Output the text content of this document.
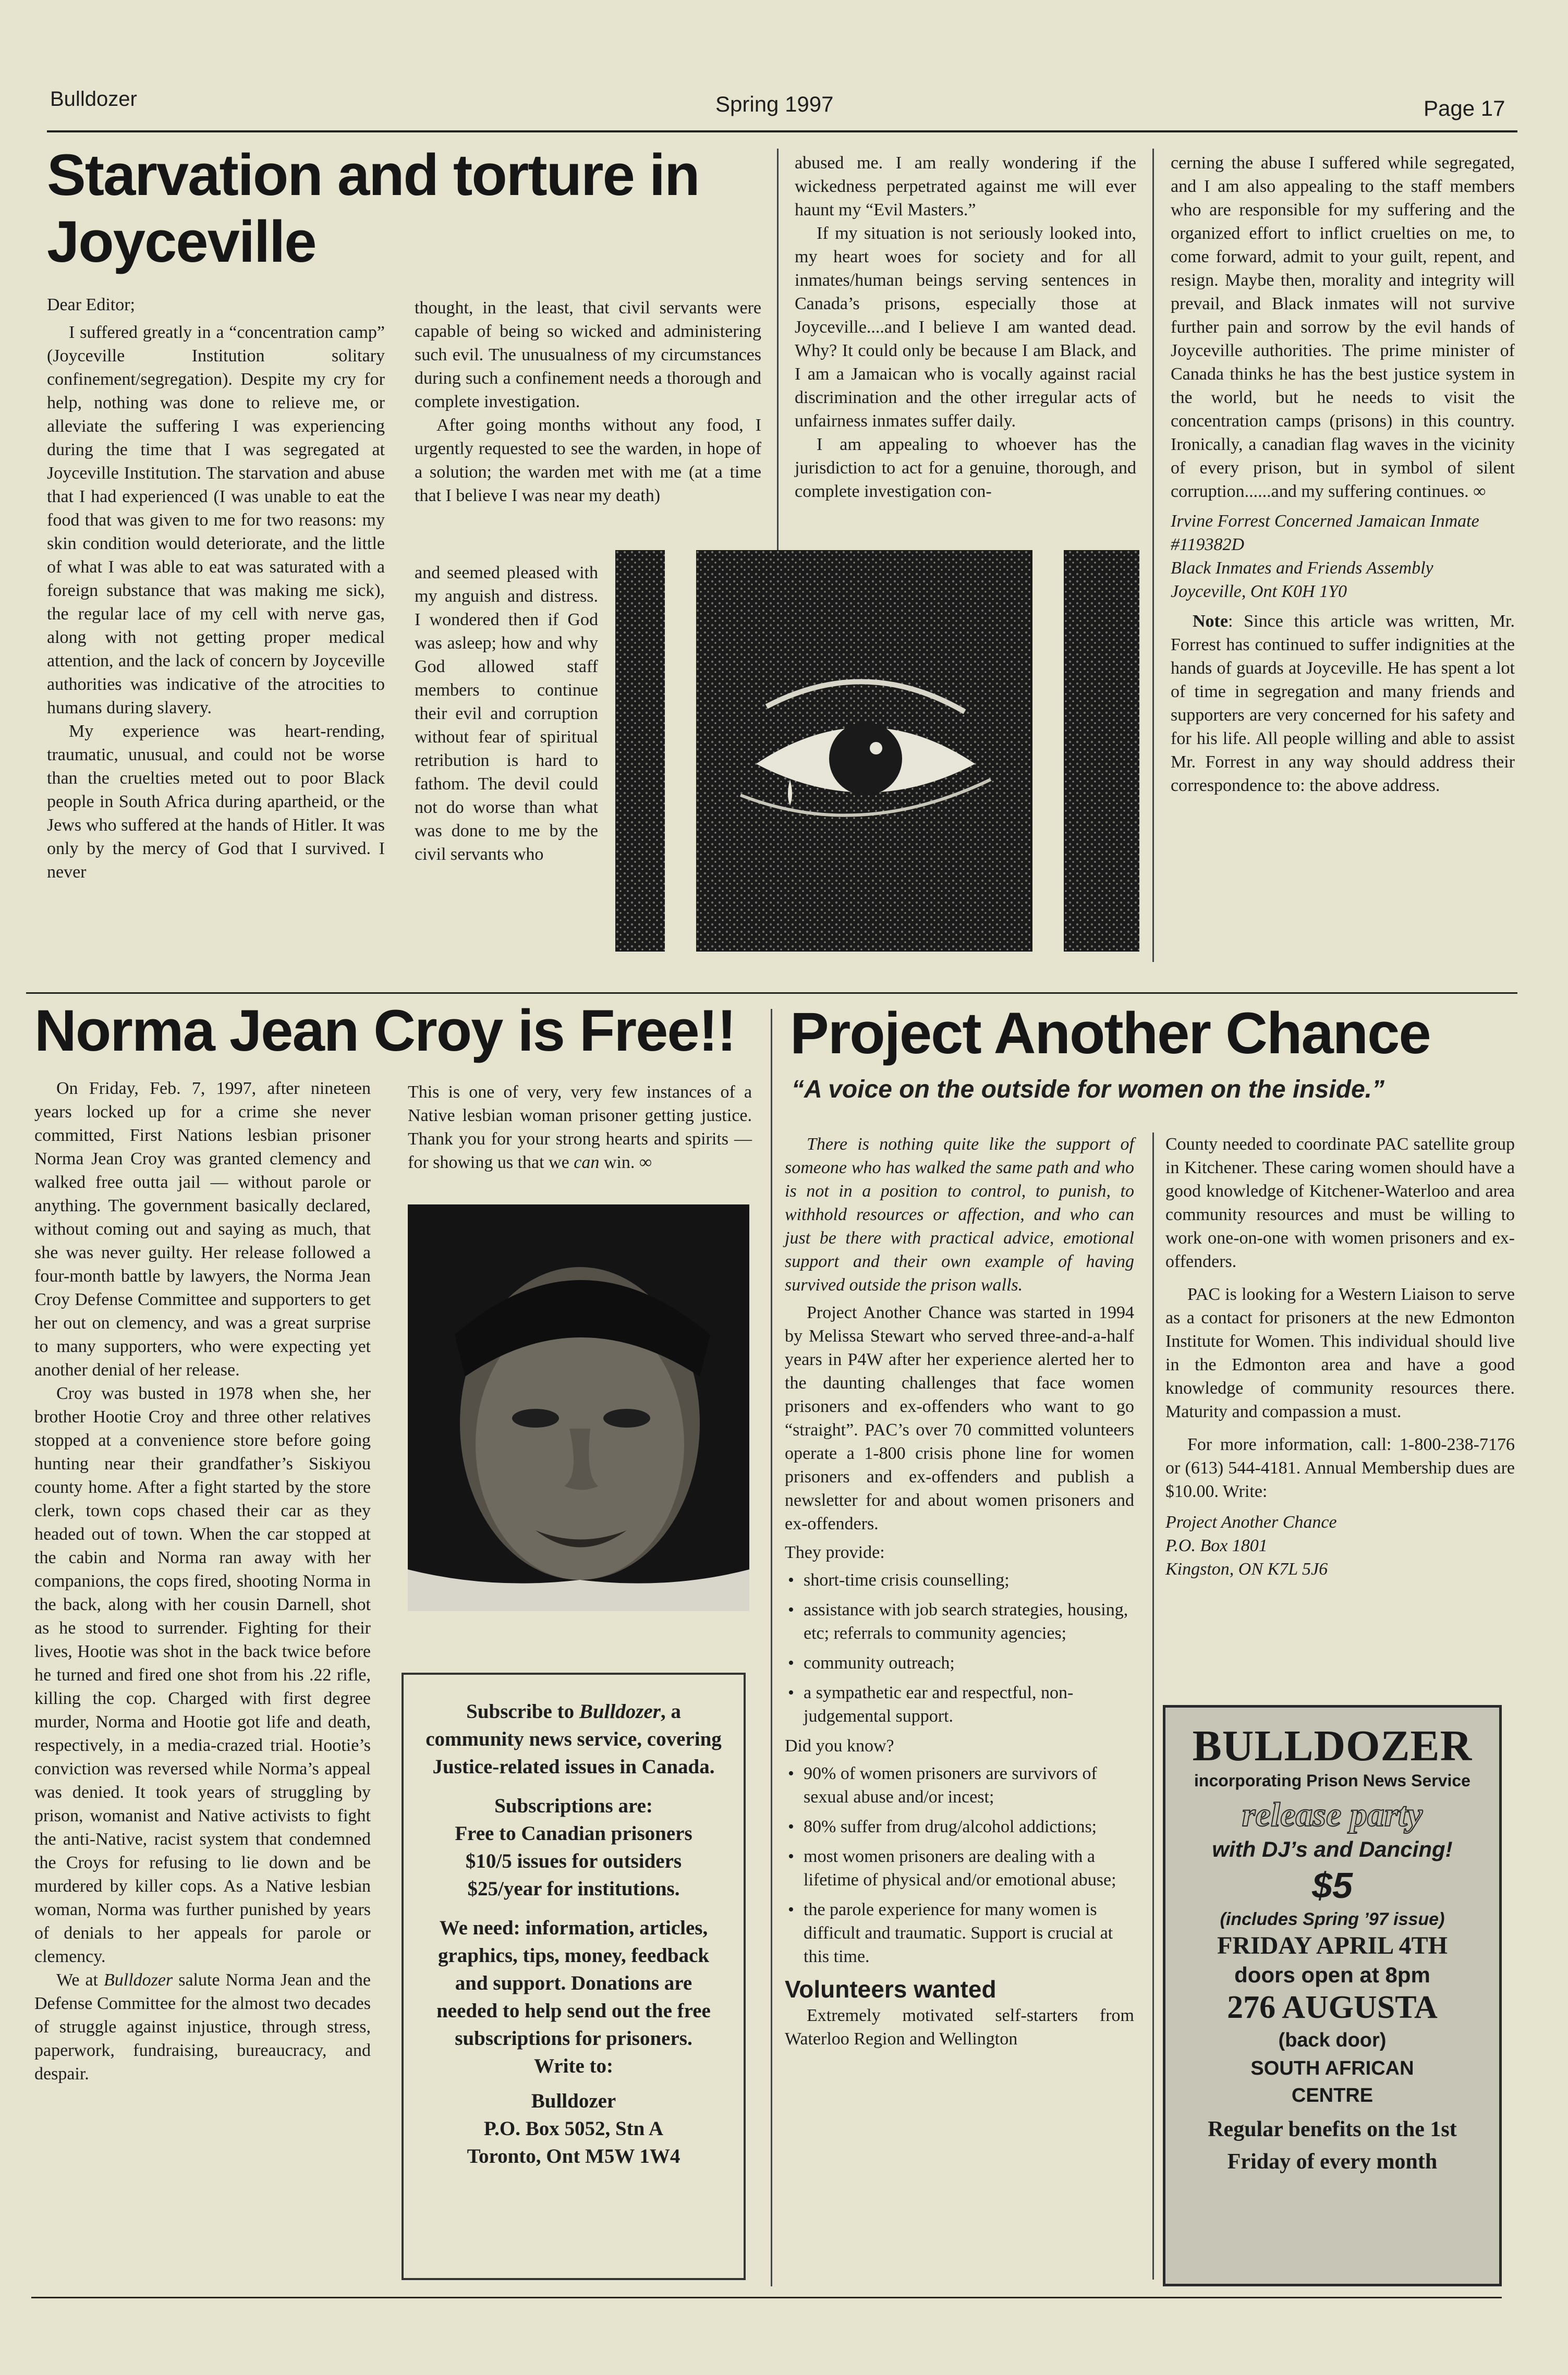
Bulldozer	Spring 1997	Page 17
Starvation and torture in
Joyceville

Dear Editor;

I suffered greatly in a “concentration camp” (Joyceville Institution solitary confinement/segregation). Despite my cry for help, nothing was done to relieve me, or alleviate the suffering I was experiencing during the time that I was segregated at Joyceville Institution. The starvation and abuse that I had experienced (I was unable to eat the food that was given to me for two reasons: my skin condition would deteriorate, and the little of what I was able to eat was saturated with a foreign substance that was making me sick), the regular lace of my cell with nerve gas, along with not getting proper medical attention, and the lack of concern by Joyceville authorities was indicative of the atrocities to humans during slavery.

My experience was heart-rending, traumatic, unusual, and could not be worse than the cruelties meted out to poor Black people in South Africa during apartheid, or the Jews who suffered at the hands of Hitler. It was only by the mercy of God that I survived. I never

thought, in the least, that civil servants were capable of being so wicked and administering such evil. The unusualness of my circumstances during such a confinement needs a thorough and complete investigation.

After going months without any food, I urgently requested to see the warden, in hope of a solution; the warden met with me (at a time that I believe I was near my death)

and seemed pleased with my anguish and distress. I wondered then if God was asleep; how and why God allowed staff members to continue their evil and corruption without fear of spiritual retribution is hard to fathom. The devil could not do worse than what was done to me by the civil servants who

abused me. I am really wondering if the wickedness perpetrated against me will ever haunt my “Evil Masters.”

If my situation is not seriously looked into, my heart woes for society and for all inmates/human beings serving sentences in Canada’s prisons, especially those at Joyceville....and I believe I am wanted dead. Why? It could only be because I am Black, and I am a Jamaican who is vocally against racial discrimination and the other irregular acts of unfairness inmates suffer daily.

I am appealing to whoever has the jurisdiction to act for a genuine, thorough, and complete investigation con-

cerning the abuse I suffered while segregated, and I am also appealing to the staff members who are responsible for my suffering and the organized effort to inflict cruelties on me, to come forward, admit to your guilt, repent, and resign. Maybe then, morality and integrity will prevail, and Black inmates will not survive further pain and sorrow by the evil hands of Joyceville authorities. The prime minister of Canada thinks he has the best justice system in the world, but he needs to visit the concentration camps (prisons) in this country. Ironically, a canadian flag waves in the vicinity of every prison, but in symbol of silent corruption......and my suffering continues. ∞

Irvine Forrest Concerned Jamaican Inmate
#119382D
Black Inmates and Friends Assembly
Joyceville, Ont K0H 1Y0

Note: Since this article was written, Mr. Forrest has continued to suffer indignities at the hands of guards at Joyceville. He has spent a lot of time in segregation and many friends and supporters are very concerned for his safety and for his life. All people willing and able to assist Mr. Forrest in any way should address their correspondence to: the above address.

Norma Jean Croy is Free!!

On Friday, Feb. 7, 1997, after nineteen years locked up for a crime she never committed, First Nations lesbian prisoner Norma Jean Croy was granted clemency and walked free outta jail — without parole or anything. The government basically declared, without coming out and saying as much, that she was never guilty. Her release followed a four-month battle by lawyers, the Norma Jean Croy Defense Committee and supporters to get her out on clemency, and was a great surprise to many supporters, who were expecting yet another denial of her release.

Croy was busted in 1978 when she, her brother Hootie Croy and three other relatives stopped at a convenience store before going hunting near their grandfather’s Siskiyou county home. After a fight started by the store clerk, town cops chased their car as they headed out of town. When the car stopped at the cabin and Norma ran away with her companions, the cops fired, shooting Norma in the back, along with her cousin Darnell, shot as he stood to surrender. Fighting for their lives, Hootie was shot in the back twice before he turned and fired one shot from his .22 rifle, killing the cop. Charged with first degree murder, Norma and Hootie got life and death, respectively, in a media-crazed trial. Hootie’s conviction was reversed while Norma’s appeal was denied. It took years of struggling by prison, womanist and Native activists to fight the anti-Native, racist system that condemned the Croys for refusing to lie down and be murdered by killer cops. As a Native lesbian woman, Norma was further punished by years of denials to her appeals for parole or clemency.

We at Bulldozer salute Norma Jean and the Defense Committee for the almost two decades of struggle against injustice, through stress, paperwork, fundraising, bureaucracy, and despair.

This is one of very, very few instances of a Native lesbian woman prisoner getting justice. Thank you for your strong hearts and spirits — for showing us that we can win. ∞

Subscribe to Bulldozer, a community news service, covering Justice-related issues in Canada.
Subscriptions are:
Free to Canadian prisoners
$10/5 issues for outsiders
$25/year for institutions.
We need: information, articles, graphics, tips, money, feedback and support. Donations are needed to help send out the free subscriptions for prisoners.
Write to:
Bulldozer
P.O. Box 5052, Stn A
Toronto, Ont M5W 1W4
Project Another Chance
“A voice on the outside for women on the inside.”

There is nothing quite like the support of someone who has walked the same path and who is not in a position to control, to punish, to withhold resources or affection, and who can just be there with practical advice, emotional support and their own example of having survived outside the prison walls.

Project Another Chance was started in 1994 by Melissa Stewart who served three-and-a-half years in P4W after her experience alerted her to the daunting challenges that face women prisoners and ex-offenders who want to go “straight”. PAC’s over 70 committed volunteers operate a 1-800 crisis phone line for women prisoners and ex-offenders and publish a newsletter for and about women prisoners and ex-offenders.

They provide:
• short-time crisis counselling;
• assistance with job search strategies, housing, etc; referrals to community agencies;
• community outreach;
• a sympathetic ear and respectful, non-judgemental support.
Did you know?
• 90% of women prisoners are survivors of sexual abuse and/or incest;
• 80% suffer from drug/alcohol addictions;
• most women prisoners are dealing with a lifetime of physical and/or emotional abuse;
• the parole experience for many women is difficult and traumatic. Support is crucial at this time.
Volunteers wanted

Extremely motivated self-starters from Waterloo Region and Wellington

County needed to coordinate PAC satellite group in Kitchener. These caring women should have a good knowledge of Kitchener-Waterloo and area community resources and must be willing to work one-on-one with women prisoners and ex-offenders.

PAC is looking for a Western Liaison to serve as a contact for prisoners at the new Edmonton Institute for Women. This individual should live in the Edmonton area and have a good knowledge of community resources there. Maturity and compassion a must.

For more information, call: 1-800-238-7176 or (613) 544-4181. Annual Membership dues are $10.00. Write:

Project Another Chance
P.O. Box 1801
Kingston, ON K7L 5J6
BULLDOZER
incorporating Prison News Service
release party
with DJ’s and Dancing!
$5
(includes Spring ’97 issue)
FRIDAY APRIL 4TH
doors open at 8pm
276 AUGUSTA
(back door)
SOUTH AFRICAN
CENTRE
Regular benefits on the 1st Friday of every month
